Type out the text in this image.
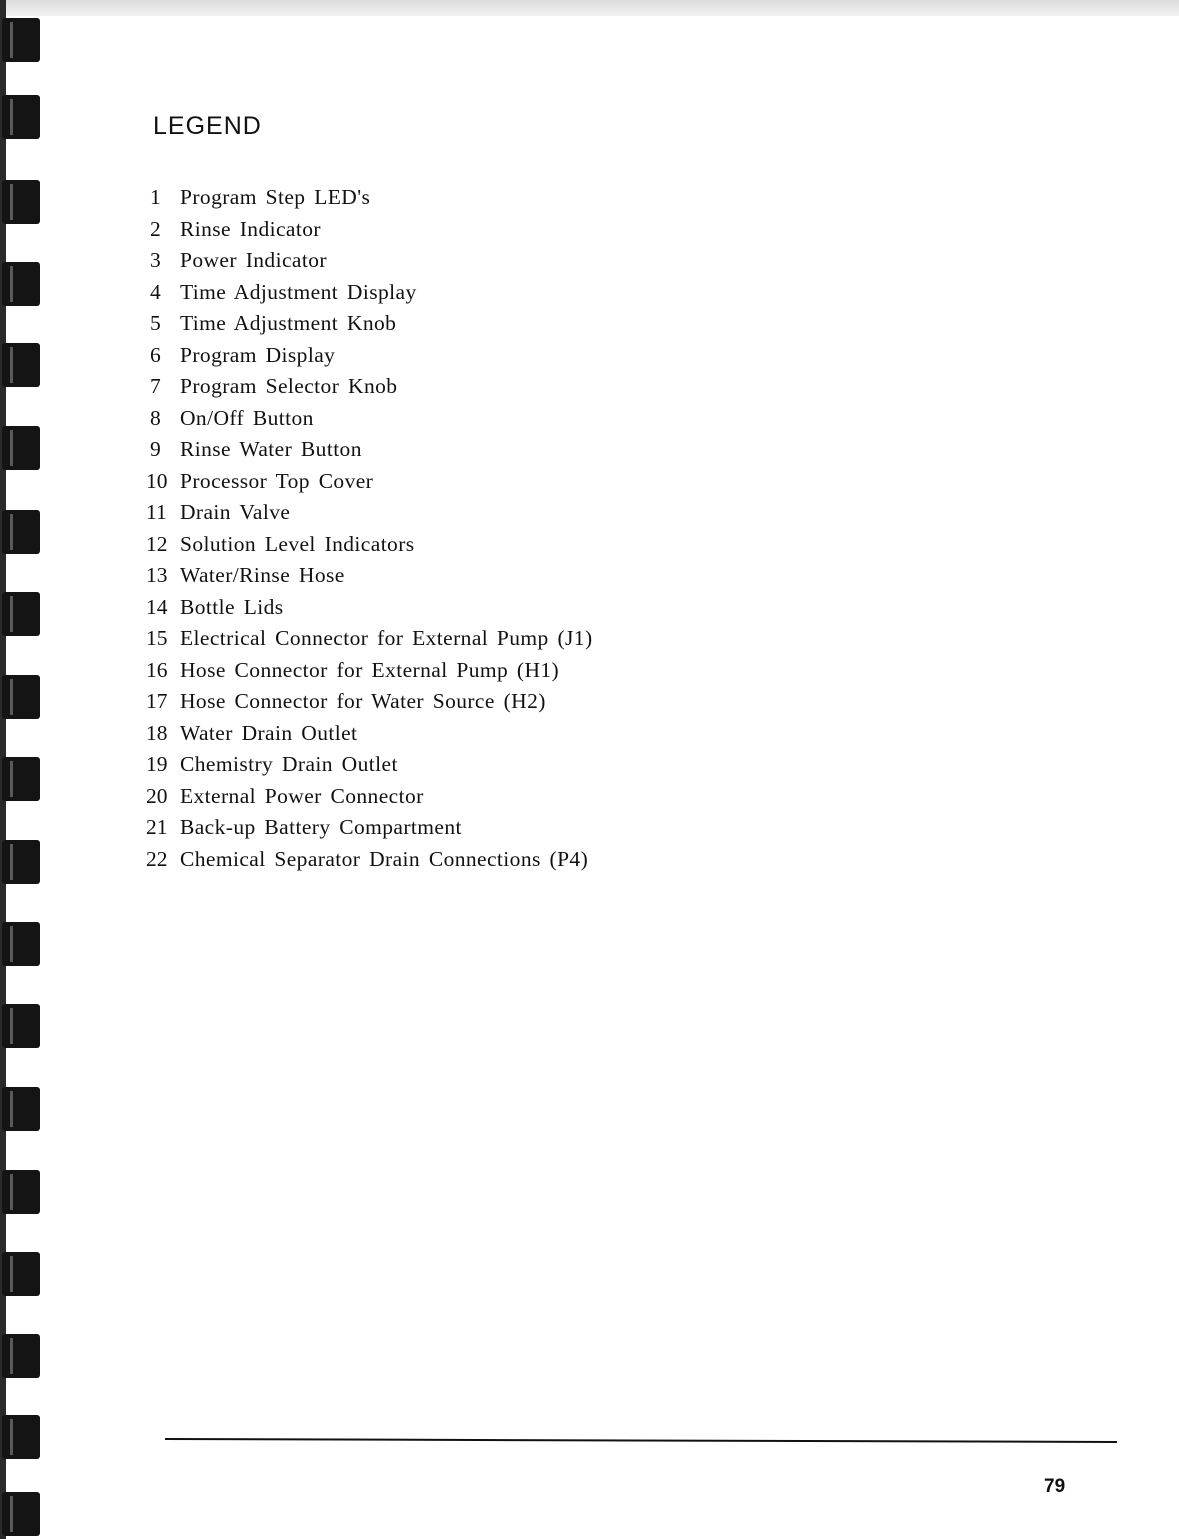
LEGEND
1 Program Step LED's
2 Rinse Indicator
3 Power Indicator
4 Time Adjustment Display
5 Time Adjustment Knob
6 Program Display
7 Program Selector Knob
8 On/Off Button
9 Rinse Water Button
10 Processor Top Cover
11 Drain Valve
12 Solution Level Indicators
13 Water/Rinse Hose
14 Bottle Lids
15 Electrical Connector for External Pump (J1)
16 Hose Connector for External Pump (H1)
17 Hose Connector for Water Source (H2)
18 Water Drain Outlet
19 Chemistry Drain Outlet
20 External Power Connector
21 Back-up Battery Compartment
22 Chemical Separator Drain Connections (P4)
79
